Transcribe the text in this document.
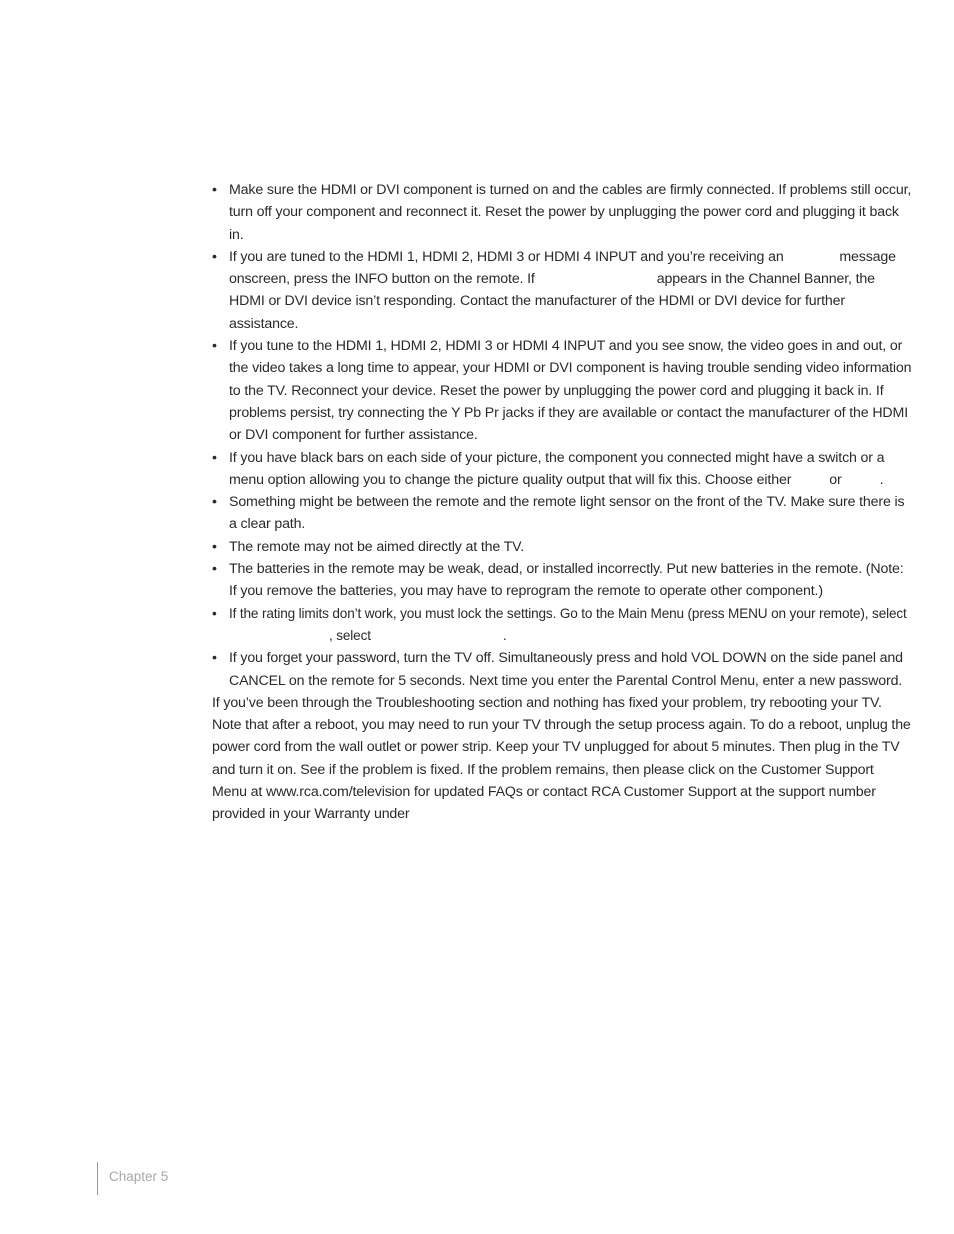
• Make sure the HDMI or DVI component is turned on and the cables are firmly connected. If problems still occur, turn off your component and reconnect it. Reset the power by unplugging the power cord and plugging it back in.
• If you are tuned to the HDMI 1, HDMI 2, HDMI 3 or HDMI 4 INPUT and you’re receiving an	message onscreen, press the INFO button on the remote. If	appears in the Channel Banner, the HDMI or DVI device isn’t responding. Contact the manufacturer of the HDMI or DVI device for further assistance.
• If you tune to the HDMI 1, HDMI 2, HDMI 3 or HDMI 4 INPUT and you see snow, the video goes in and out, or the video takes a long time to appear, your HDMI or DVI component is having trouble sending video information to the TV. Reconnect your device. Reset the power by unplugging the power cord and plugging it back in. If problems persist, try connecting the Y Pb Pr jacks if they are available or contact the manufacturer of the HDMI or DVI component for further assistance.
• If you have black bars on each side of your picture, the component you connected might have a switch or a menu option allowing you to change the picture quality output that will fix this. Choose either	or	.
• Something might be between the remote and the remote light sensor on the front of the TV. Make sure there is a clear path.
• The remote may not be aimed directly at the TV.
• The batteries in the remote may be weak, dead, or installed incorrectly. Put new batteries in the remote. (Note: If you remove the batteries, you may have to reprogram the remote to operate other component.)
• If the rating limits don’t work, you must lock the settings. Go to the Main Menu (press MENU on your remote), select, select	.
• If you forget your password, turn the TV off. Simultaneously press and hold VOL DOWN on the side panel and CANCEL on the remote for 5 seconds. Next time you enter the Parental Control Menu, enter a new password.

If you’ve been through the Troubleshooting section and nothing has fixed your problem, try rebooting your TV. Note that after a reboot, you may need to run your TV through the setup process again. To do a reboot, unplug the power cord from the wall outlet or power strip. Keep your TV unplugged for about 5 minutes. Then plug in the TV and turn it on. See if the problem is fixed. If the problem remains, then please click on the Customer Support Menu at www.rca.com/television for updated FAQs or contact RCA Customer Support at the support number provided in your Warranty under

Chapter 5
